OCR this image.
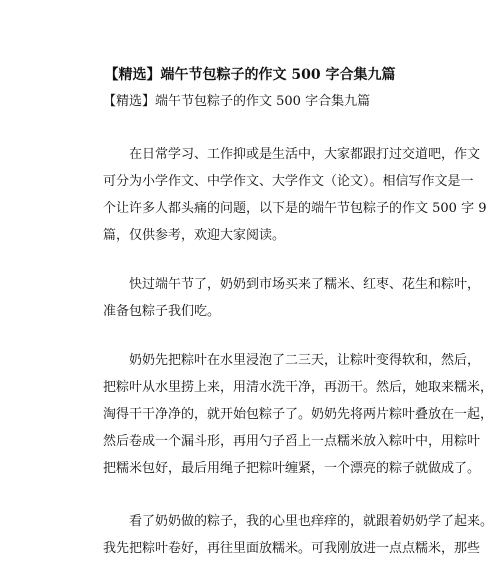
【精选】端午节包粽子的作文 500 字合集九篇
【精选】端午节包粽子的作文 500 字合集九篇
　　在日常学习、工作抑或是生活中，大家都跟打过交道吧，作文
可分为小学作文、中学作文、大学作文（论文）。相信写作文是一
个让许多人都头痛的问题，以下是的端午节包粽子的作文 500 字 9
篇，仅供参考，欢迎大家阅读。
　　快过端午节了，奶奶到市场买来了糯米、红枣、花生和粽叶，
准备包粽子我们吃。
　　奶奶先把粽叶在水里浸泡了二三天，让粽叶变得软和，然后，
把粽叶从水里捞上来，用清水洗干净，再沥干。然后，她取来糯米，
淘得干干净净的，就开始包粽子了。奶奶先将两片粽叶叠放在一起，
然后卷成一个漏斗形，再用勺子舀上一点糯米放入粽叶中，用粽叶
把糯米包好，最后用绳子把粽叶缠紧，一个漂亮的粽子就做成了。
　　看了奶奶做的粽子，我的心里也痒痒的，就跟着奶奶学了起来。
我先把粽叶卷好，再往里面放糯米。可我刚放进一点点糯米，那些
